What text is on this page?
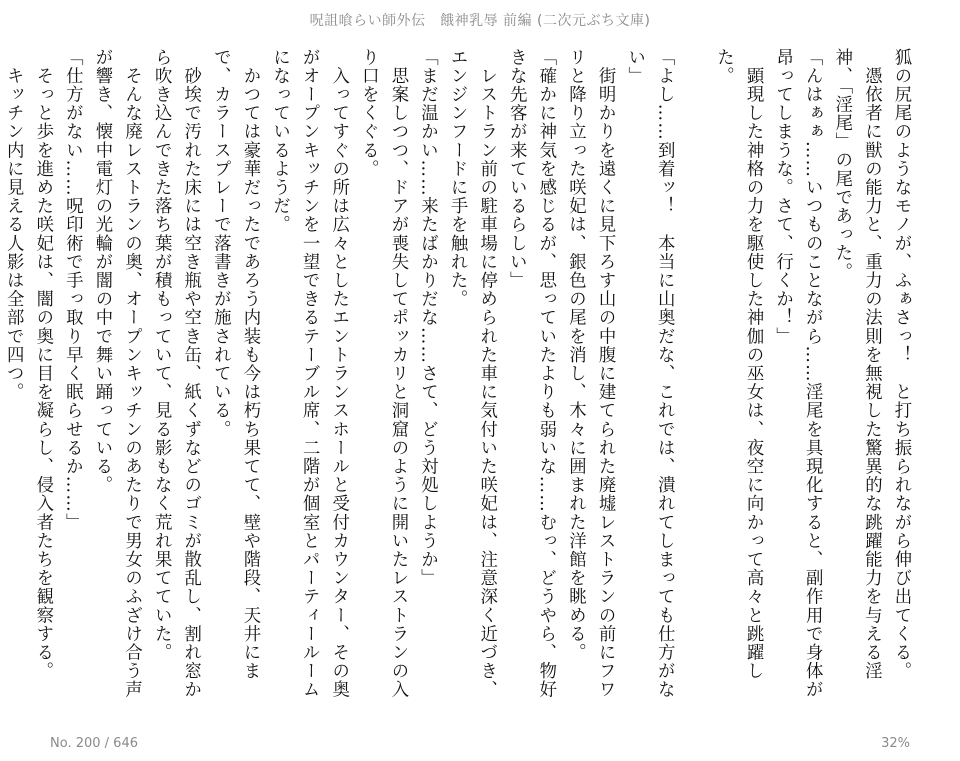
呪詛喰らい師外伝　餓神乳辱 前編 (二次元ぶち文庫)
狐の尻尾のようなモノが、ふぁさっ！　と打ち振られながら伸び出てくる。
　憑依者に獣の能力と、重力の法則を無視した驚異的な跳躍能力を与える淫神、「淫尾」の尾であった。
「んはぁぁ……いつものことながら……淫尾を具現化すると、副作用で身体が昂ってしまうな。さて、行くか！」
　顕現した神格の力を駆使した神伽の巫女は、夜空に向かって高々と跳躍した。

「よし……到着ッ！　本当に山奥だな、これでは、潰れてしまっても仕方がない」
　街明かりを遠くに見下ろす山の中腹に建てられた廃墟レストランの前にフワリと降り立った咲妃は、銀色の尾を消し、木々に囲まれた洋館を眺める。
「確かに神気を感じるが、思っていたよりも弱いな……むっ、どうやら、物好きな先客が来ているらしい」
　レストラン前の駐車場に停められた車に気付いた咲妃は、注意深く近づき、エンジンフードに手を触れた。
「まだ温かい……来たばかりだな……さて、どう対処しようか」
　思案しつつ、ドアが喪失してポッカリと洞窟のように開いたレストランの入り口をくぐる。
　入ってすぐの所は広々としたエントランスホールと受付カウンター、その奥がオープンキッチンを一望できるテーブル席、二階が個室とパーティールームになっているようだ。
　かつては豪華だったであろう内装も今は朽ち果てて、壁や階段、天井にまで、カラースプレーで落書きが施されている。
　砂埃で汚れた床には空き瓶や空き缶、紙くずなどのゴミが散乱し、割れ窓から吹き込んできた落ち葉が積もっていて、見る影もなく荒れ果てていた。
　そんな廃レストランの奥、オープンキッチンのあたりで男女のふざけ合う声が響き、懐中電灯の光輪が闇の中で舞い踊っている。
「仕方がない……呪印術で手っ取り早く眠らせるか……」
　そっと歩を進めた咲妃は、闇の奥に目を凝らし、侵入者たちを観察する。
　キッチン内に見える人影は全部で四つ。
No. 200 / 646	32%
